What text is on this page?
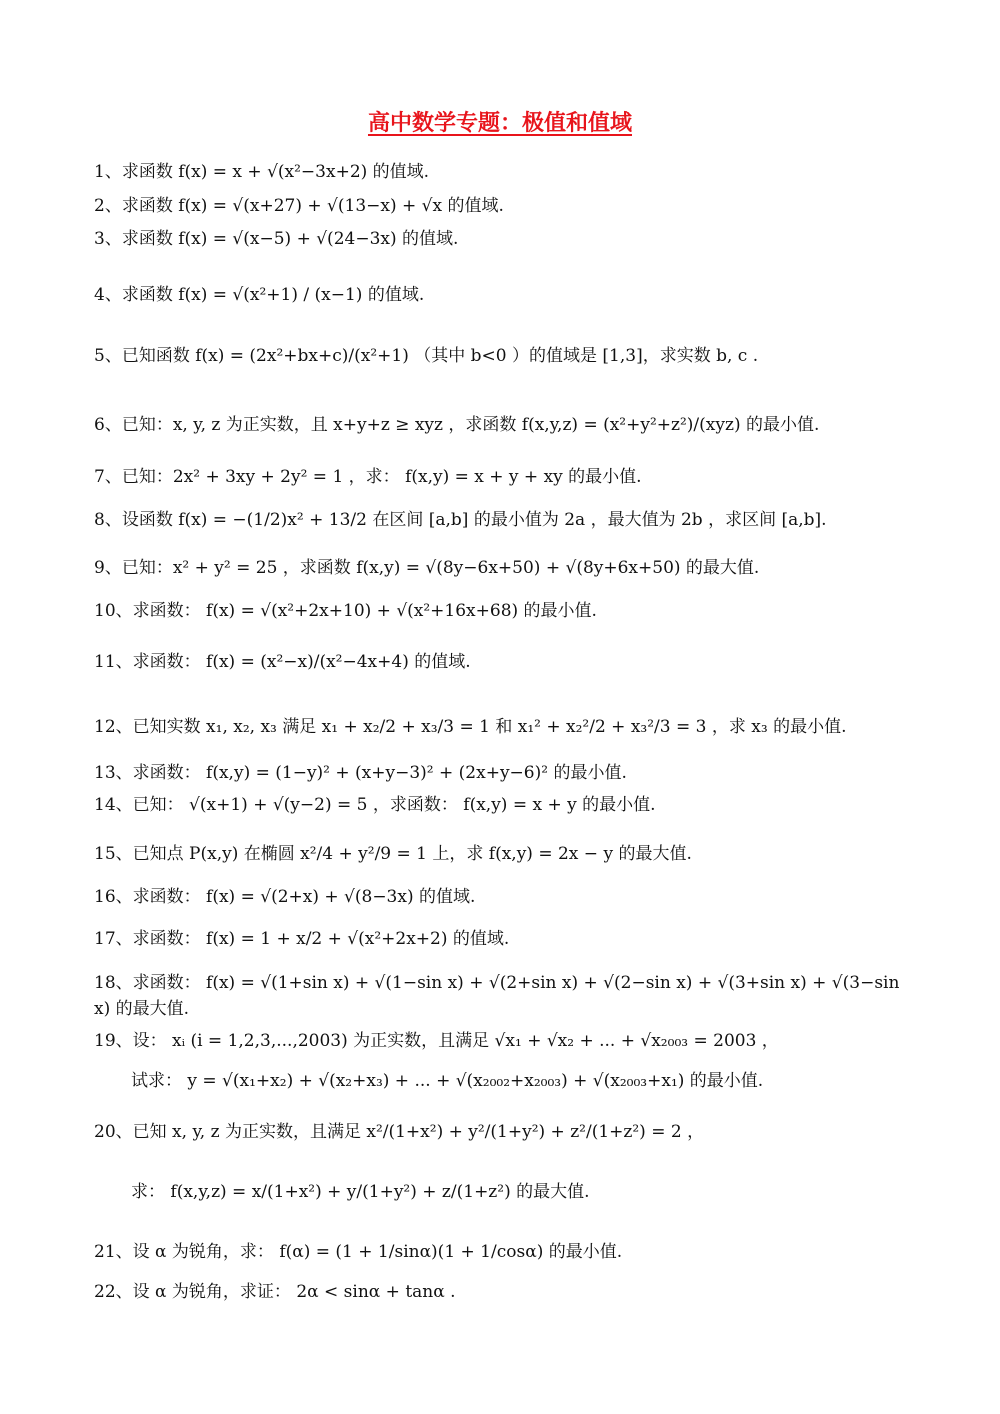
高中数学专题：极值和值域
1、求函数 f(x) = x + √(x²−3x+2) 的值域.
2、求函数 f(x) = √(x+27) + √(13−x) + √x 的值域.
3、求函数 f(x) = √(x−5) + √(24−3x) 的值域.
4、求函数 f(x) = √(x²+1) / (x−1) 的值域.
5、已知函数 f(x) = (2x²+bx+c)/(x²+1) （其中 b<0 ）的值域是 [1,3]，求实数 b, c .
6、已知：x, y, z 为正实数，且 x+y+z ≥ xyz ，求函数 f(x,y,z) = (x²+y²+z²)/(xyz) 的最小值.
7、已知：2x² + 3xy + 2y² = 1 ，求： f(x,y) = x + y + xy 的最小值.
8、设函数 f(x) = −(1/2)x² + 13/2 在区间 [a,b] 的最小值为 2a ，最大值为 2b ，求区间 [a,b].
9、已知：x² + y² = 25 ，求函数 f(x,y) = √(8y−6x+50) + √(8y+6x+50) 的最大值.
10、求函数： f(x) = √(x²+2x+10) + √(x²+16x+68) 的最小值.
11、求函数： f(x) = (x²−x)/(x²−4x+4) 的值域.
12、已知实数 x₁, x₂, x₃ 满足 x₁ + x₂/2 + x₃/3 = 1 和 x₁² + x₂²/2 + x₃²/3 = 3 ，求 x₃ 的最小值.
13、求函数： f(x,y) = (1−y)² + (x+y−3)² + (2x+y−6)² 的最小值.
14、已知： √(x+1) + √(y−2) = 5 ，求函数： f(x,y) = x + y 的最小值.
15、已知点 P(x,y) 在椭圆 x²/4 + y²/9 = 1 上，求 f(x,y) = 2x − y 的最大值.
16、求函数： f(x) = √(2+x) + √(8−3x) 的值域.
17、求函数： f(x) = 1 + x/2 + √(x²+2x+2) 的值域.
18、求函数： f(x) = √(1+sin x) + √(1−sin x) + √(2+sin x) + √(2−sin x) + √(3+sin x) + √(3−sin x) 的最大值.
19、设： xᵢ (i = 1,2,3,...,2003) 为正实数，且满足 √x₁ + √x₂ + ... + √x₂₀₀₃ = 2003 ，
试求： y = √(x₁+x₂) + √(x₂+x₃) + ... + √(x₂₀₀₂+x₂₀₀₃) + √(x₂₀₀₃+x₁) 的最小值.
20、已知 x, y, z 为正实数，且满足 x²/(1+x²) + y²/(1+y²) + z²/(1+z²) = 2 ，
求： f(x,y,z) = x/(1+x²) + y/(1+y²) + z/(1+z²) 的最大值.
21、设 α 为锐角，求： f(α) = (1 + 1/sinα)(1 + 1/cosα) 的最小值.
22、设 α 为锐角，求证： 2α < sinα + tanα .
